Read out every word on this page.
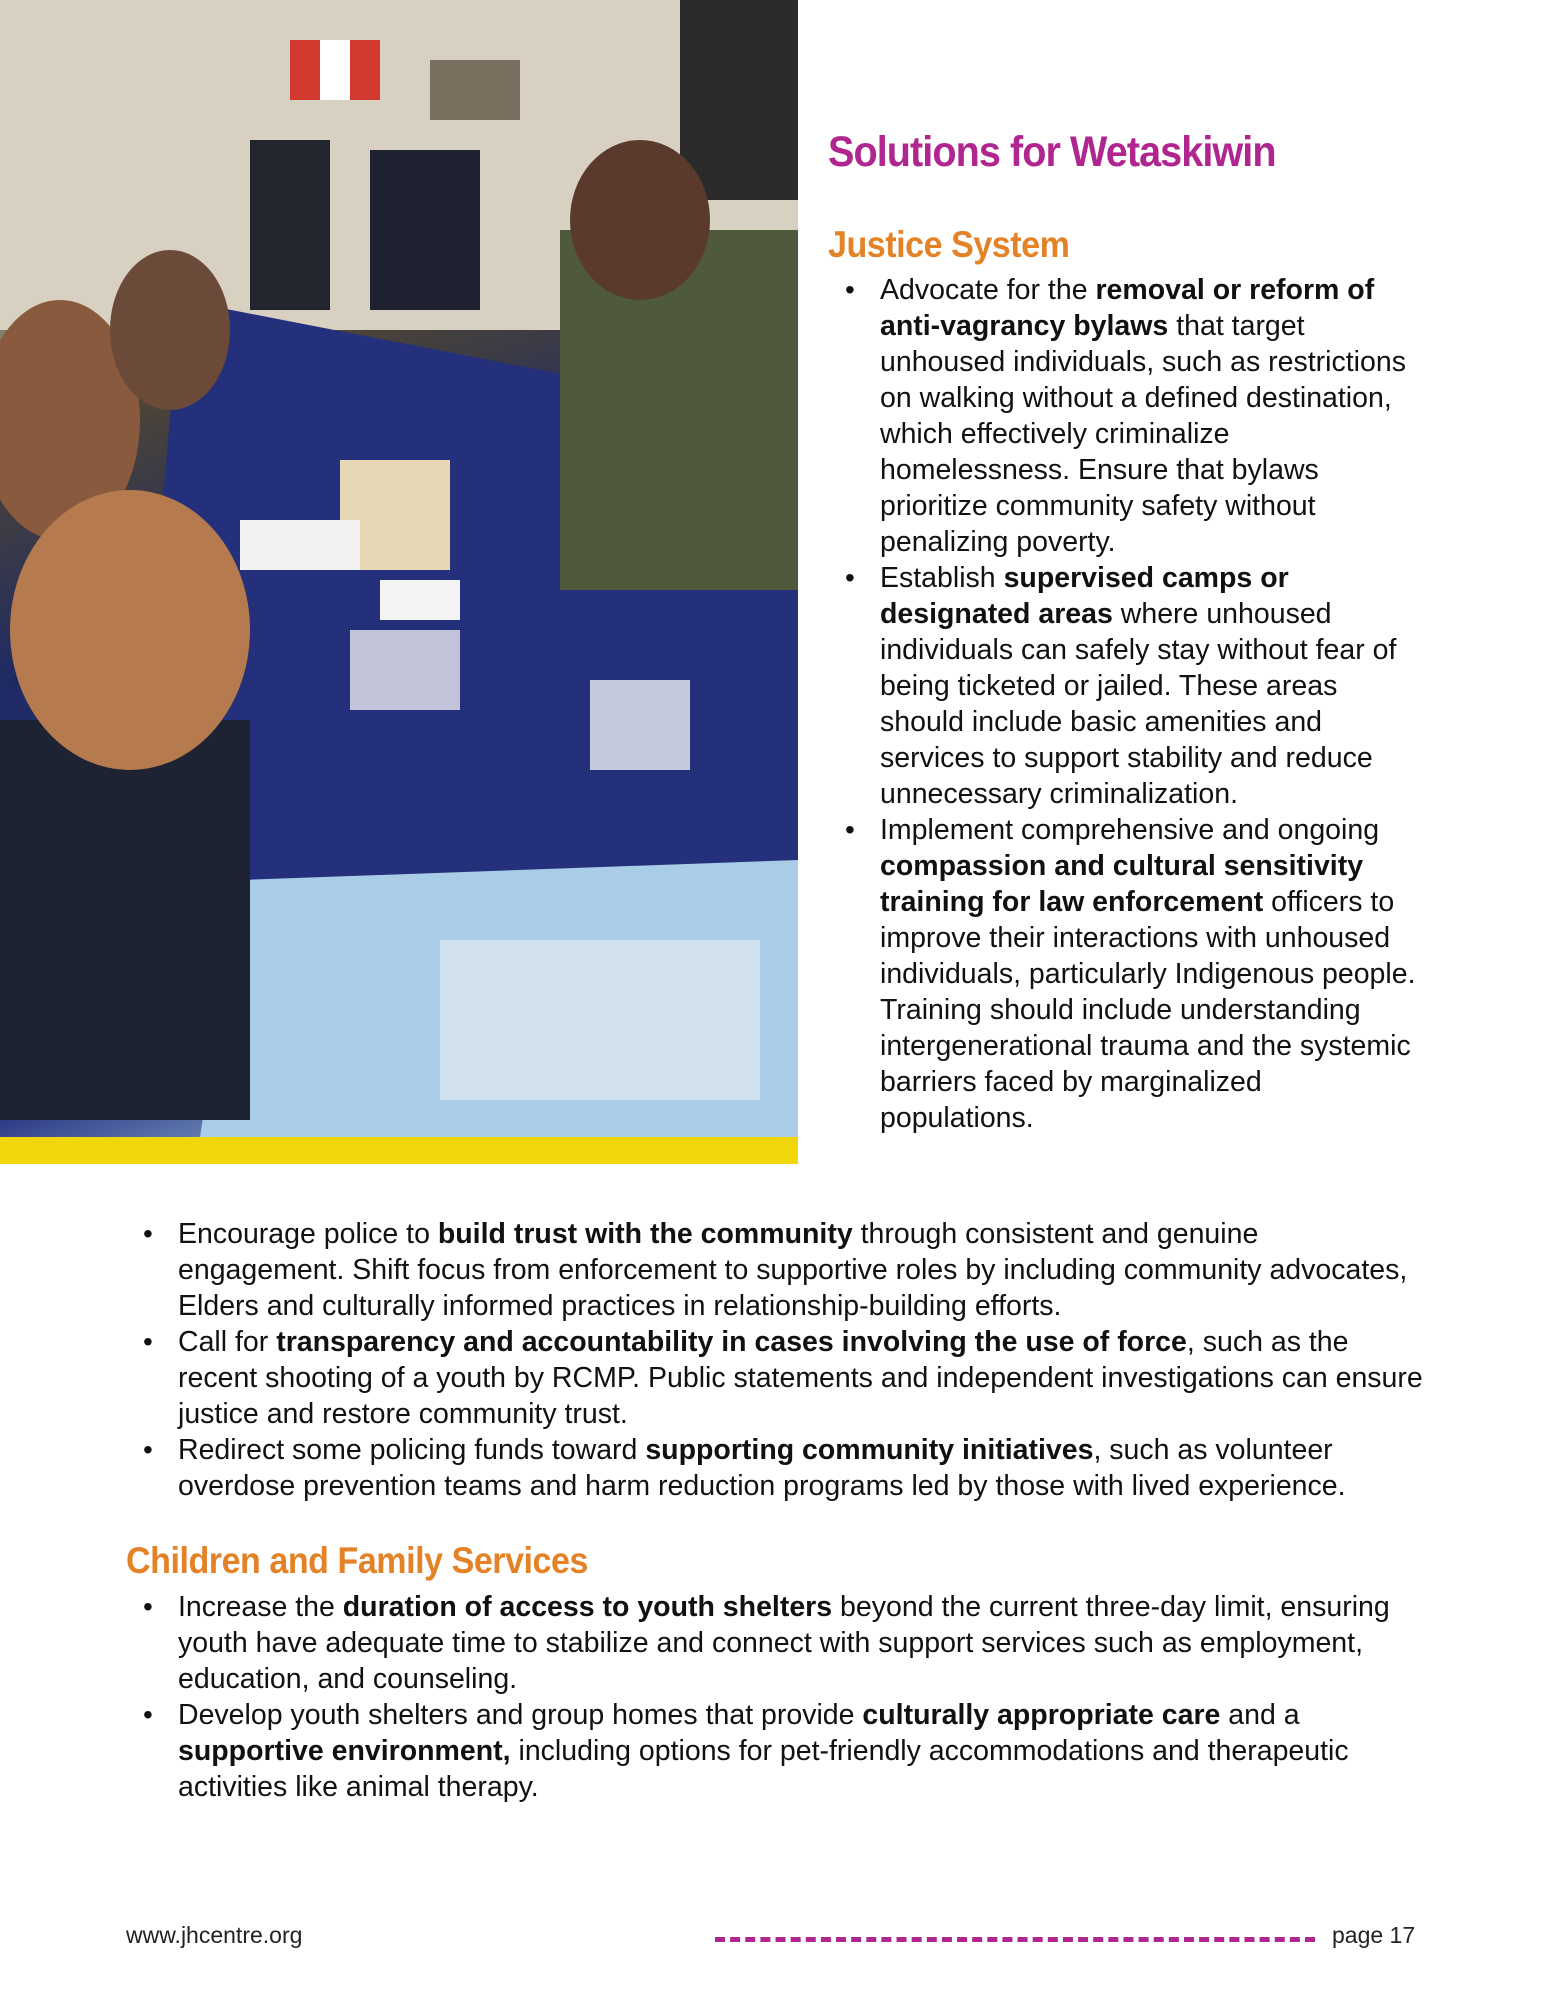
Solutions for Wetaskiwin
Justice System
• Advocate for the removal or reform of anti-vagrancy bylaws that target unhoused individuals, such as restrictions on walking without a defined destination, which effectively criminalize homelessness. Ensure that bylaws prioritize community safety without penalizing poverty.
• Establish supervised camps or designated areas where unhoused individuals can safely stay without fear of being ticketed or jailed. These areas should include basic amenities and services to support stability and reduce unnecessary criminalization.
• Implement comprehensive and ongoing compassion and cultural sensitivity training for law enforcement officers to improve their interactions with unhoused individuals, particularly Indigenous people. Training should include understanding intergenerational trauma and the systemic barriers faced by marginalized populations.
• Encourage police to build trust with the community through consistent and genuine engagement. Shift focus from enforcement to supportive roles by including community advocates, Elders and culturally informed practices in relationship-building efforts.
• Call for transparency and accountability in cases involving the use of force, such as the recent shooting of a youth by RCMP. Public statements and independent investigations can ensure justice and restore community trust.
• Redirect some policing funds toward supporting community initiatives, such as volunteer overdose prevention teams and harm reduction programs led by those with lived experience.
Children and Family Services
• Increase the duration of access to youth shelters beyond the current three-day limit, ensuring youth have adequate time to stabilize and connect with support services such as employment, education, and counseling.
• Develop youth shelters and group homes that provide culturally appropriate care and a supportive environment, including options for pet-friendly accommodations and therapeutic activities like animal therapy.
www.jhcentre.org	page 17
